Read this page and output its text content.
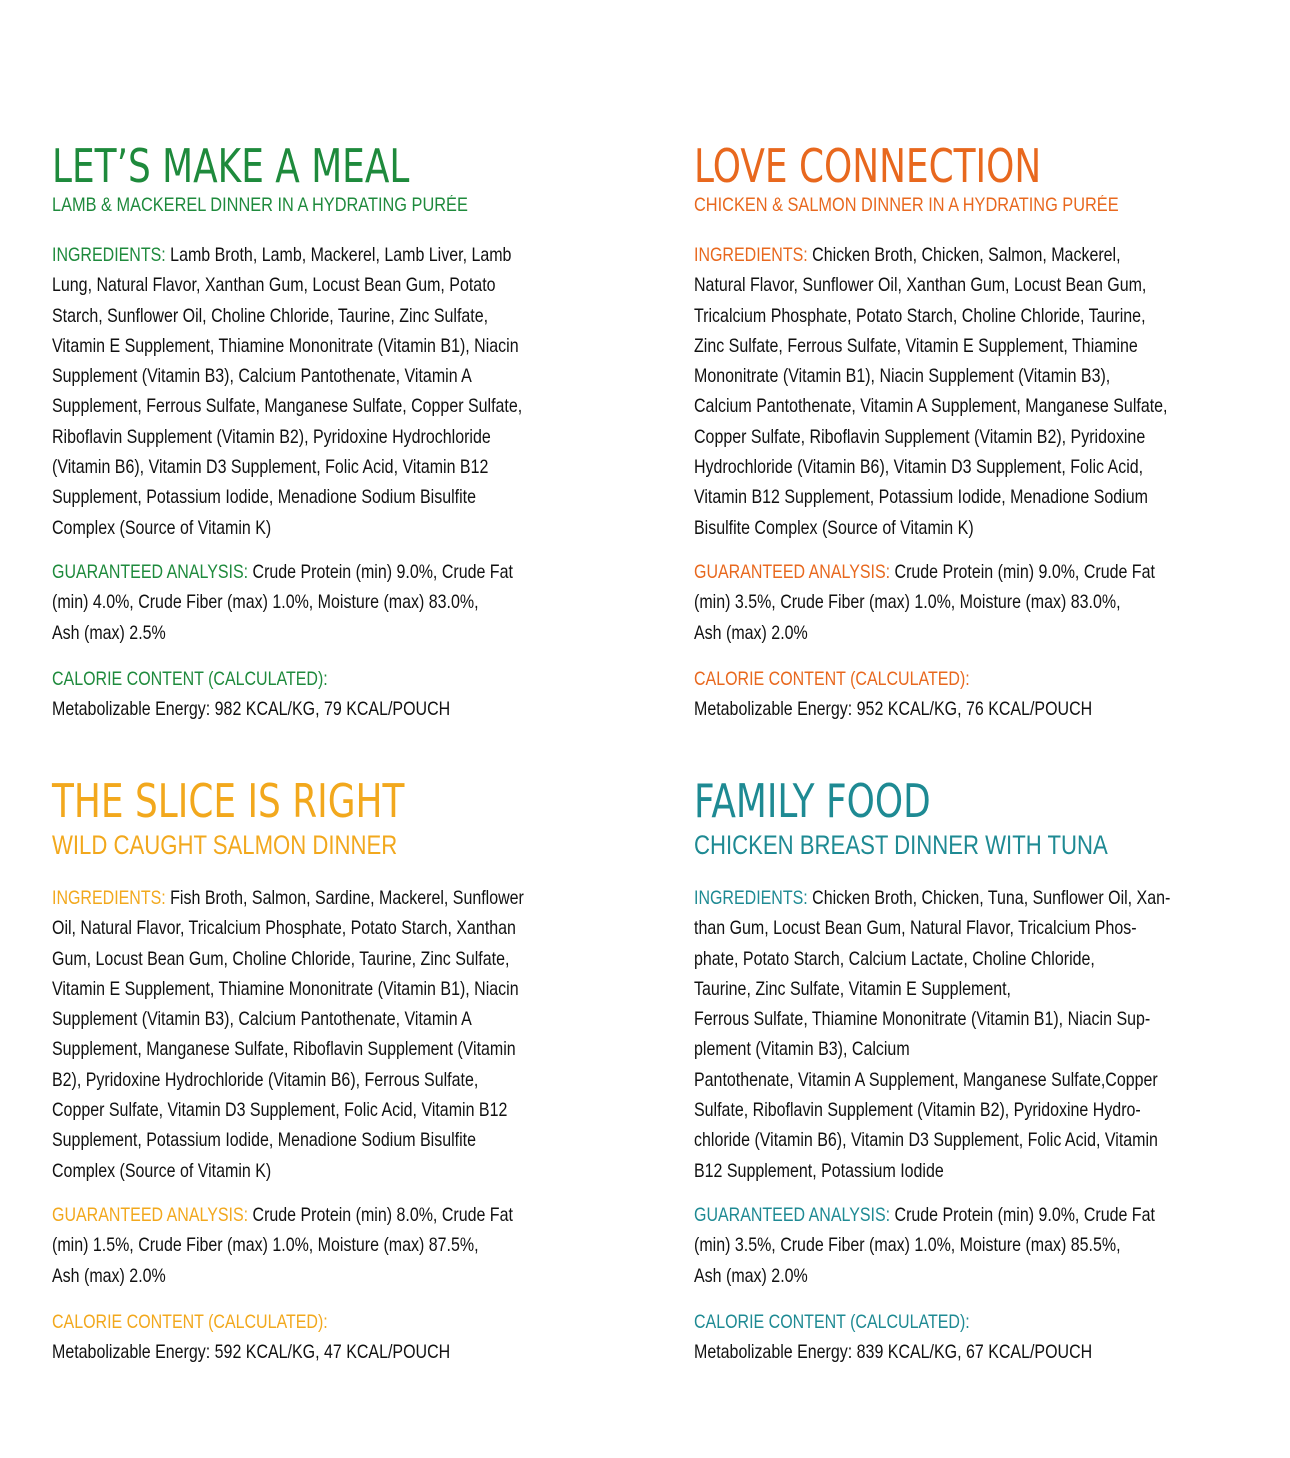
LET’S MAKE A MEAL
LAMB & MACKEREL DINNER IN A HYDRATING PURÉE
INGREDIENTS: Lamb Broth, Lamb, Mackerel, Lamb Liver, Lamb
Lung, Natural Flavor, Xanthan Gum, Locust Bean Gum, Potato
Starch, Sunflower Oil, Choline Chloride, Taurine, Zinc Sulfate,
Vitamin E Supplement, Thiamine Mononitrate (Vitamin B1), Niacin
Supplement (Vitamin B3), Calcium Pantothenate, Vitamin A
Supplement, Ferrous Sulfate, Manganese Sulfate, Copper Sulfate,
Riboflavin Supplement (Vitamin B2), Pyridoxine Hydrochloride
(Vitamin B6), Vitamin D3 Supplement, Folic Acid, Vitamin B12
Supplement, Potassium Iodide, Menadione Sodium Bisulfite
Complex (Source of Vitamin K)
GUARANTEED ANALYSIS: Crude Protein (min) 9.0%, Crude Fat
(min) 4.0%, Crude Fiber (max) 1.0%, Moisture (max) 83.0%,
Ash (max) 2.5%
CALORIE CONTENT (CALCULATED):
Metabolizable Energy: 982 KCAL/KG, 79 KCAL/POUCH
LOVE CONNECTION
CHICKEN & SALMON DINNER IN A HYDRATING PURÉE
INGREDIENTS: Chicken Broth, Chicken, Salmon, Mackerel,
Natural Flavor, Sunflower Oil, Xanthan Gum, Locust Bean Gum,
Tricalcium Phosphate, Potato Starch, Choline Chloride, Taurine,
Zinc Sulfate, Ferrous Sulfate, Vitamin E Supplement, Thiamine
Mononitrate (Vitamin B1), Niacin Supplement (Vitamin B3),
Calcium Pantothenate, Vitamin A Supplement, Manganese Sulfate,
Copper Sulfate, Riboflavin Supplement (Vitamin B2), Pyridoxine
Hydrochloride (Vitamin B6), Vitamin D3 Supplement, Folic Acid,
Vitamin B12 Supplement, Potassium Iodide, Menadione Sodium
Bisulfite Complex (Source of Vitamin K)
GUARANTEED ANALYSIS: Crude Protein (min) 9.0%, Crude Fat
(min) 3.5%, Crude Fiber (max) 1.0%, Moisture (max) 83.0%,
Ash (max) 2.0%
CALORIE CONTENT (CALCULATED):
Metabolizable Energy: 952 KCAL/KG, 76 KCAL/POUCH
THE SLICE IS RIGHT
WILD CAUGHT SALMON DINNER
INGREDIENTS: Fish Broth, Salmon, Sardine, Mackerel, Sunflower
Oil, Natural Flavor, Tricalcium Phosphate, Potato Starch, Xanthan
Gum, Locust Bean Gum, Choline Chloride, Taurine, Zinc Sulfate,
Vitamin E Supplement, Thiamine Mononitrate (Vitamin B1), Niacin
Supplement (Vitamin B3), Calcium Pantothenate, Vitamin A
Supplement, Manganese Sulfate, Riboflavin Supplement (Vitamin
B2), Pyridoxine Hydrochloride (Vitamin B6), Ferrous Sulfate,
Copper Sulfate, Vitamin D3 Supplement, Folic Acid, Vitamin B12
Supplement, Potassium Iodide, Menadione Sodium Bisulfite
Complex (Source of Vitamin K)
GUARANTEED ANALYSIS: Crude Protein (min) 8.0%, Crude Fat
(min) 1.5%, Crude Fiber (max) 1.0%, Moisture (max) 87.5%,
Ash (max) 2.0%
CALORIE CONTENT (CALCULATED):
Metabolizable Energy: 592 KCAL/KG, 47 KCAL/POUCH
FAMILY FOOD
CHICKEN BREAST DINNER WITH TUNA
INGREDIENTS: Chicken Broth, Chicken, Tuna, Sunflower Oil, Xan-
than Gum, Locust Bean Gum, Natural Flavor, Tricalcium Phos-
phate, Potato Starch, Calcium Lactate, Choline Chloride,
Taurine, Zinc Sulfate, Vitamin E Supplement,
Ferrous Sulfate, Thiamine Mononitrate (Vitamin B1), Niacin Sup-
plement (Vitamin B3), Calcium
Pantothenate, Vitamin A Supplement, Manganese Sulfate,Copper
Sulfate, Riboflavin Supplement (Vitamin B2), Pyridoxine Hydro-
chloride (Vitamin B6), Vitamin D3 Supplement, Folic Acid, Vitamin
B12 Supplement, Potassium Iodide
GUARANTEED ANALYSIS: Crude Protein (min) 9.0%, Crude Fat
(min) 3.5%, Crude Fiber (max) 1.0%, Moisture (max) 85.5%,
Ash (max) 2.0%
CALORIE CONTENT (CALCULATED):
Metabolizable Energy: 839 KCAL/KG, 67 KCAL/POUCH
